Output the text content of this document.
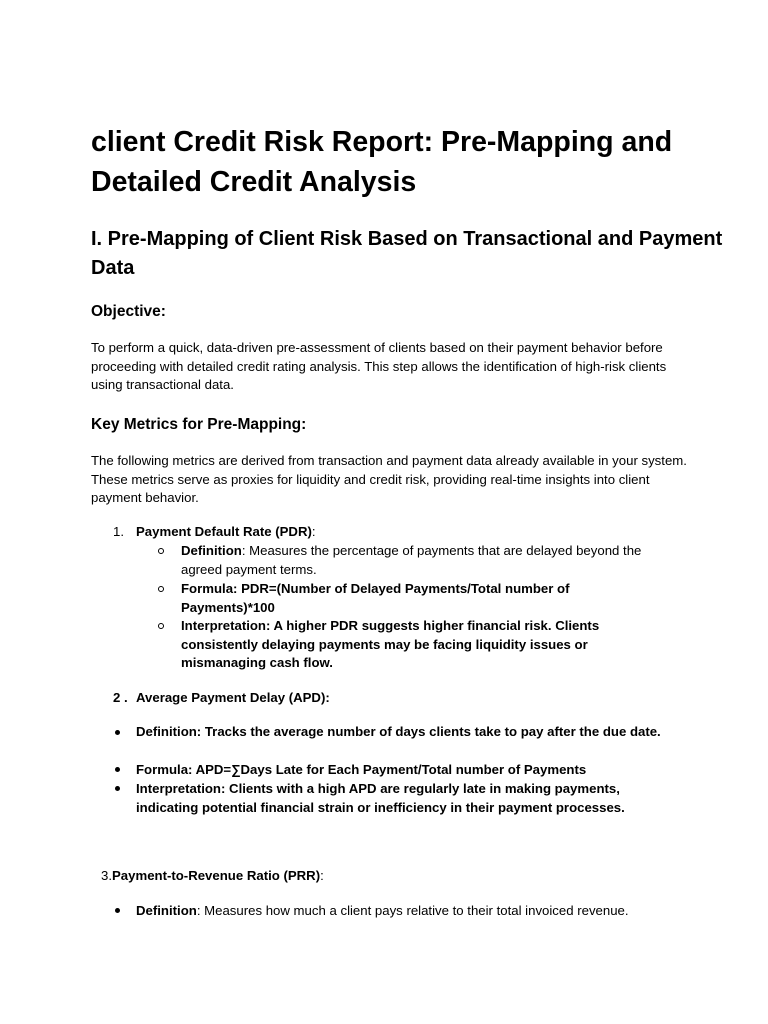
client Credit Risk Report: Pre-Mapping and Detailed Credit Analysis
I. Pre-Mapping of Client Risk Based on Transactional and Payment Data
Objective:

To perform a quick, data-driven pre-assessment of clients based on their payment behavior before proceeding with detailed credit rating analysis. This step allows the identification of high-risk clients using transactional data.

Key Metrics for Pre-Mapping:

The following metrics are derived from transaction and payment data already available in your system. These metrics serve as proxies for liquidity and credit risk, providing real-time insights into client payment behavior.

1. Payment Default Rate (PDR):
Definition: Measures the percentage of payments that are delayed beyond the agreed payment terms.
Formula: PDR=(Number of Delayed Payments/Total number of Payments)*100
Interpretation: A higher PDR suggests higher financial risk. Clients consistently delaying payments may be facing liquidity issues or mismanaging cash flow.
2 . Average Payment Delay (APD):
Definition: Tracks the average number of days clients take to pay after the due date.
Formula: APD=∑Days Late for Each Payment/Total number of Payments
Interpretation: Clients with a high APD are regularly late in making payments, indicating potential financial strain or inefficiency in their payment processes.
3.Payment-to-Revenue Ratio (PRR):
Definition: Measures how much a client pays relative to their total invoiced revenue.
